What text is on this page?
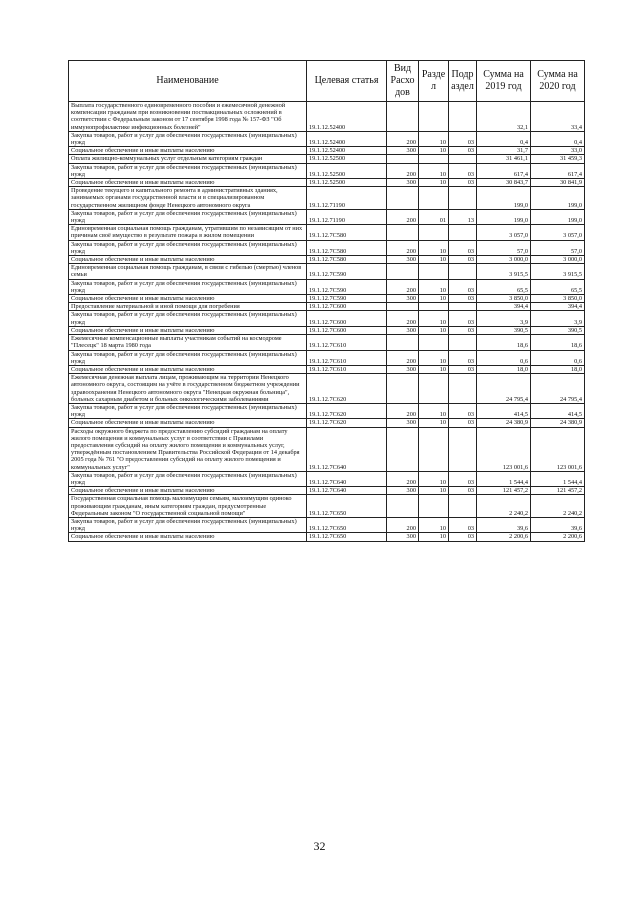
Наименование	Целевая статья	Вид Расхо дов	Разде л	Подр аздел	Сумма на 2019 год	Сумма на 2020 год
Выплата государственного единовременного пособия и ежемесячной денежной компенсации гражданам при возникновении поствакцинальных осложнений в соответствии с Федеральным законом от 17 сентября 1998 года № 157-ФЗ "Об иммунопрофилактике инфекционных болезней"	19.1.12.52400				32,1	33,4
Закупка товаров, работ и услуг для обеспечения государственных (муниципальных) нужд	19.1.12.52400	200	10	03	0,4	0,4
Социальное обеспечение и иные выплаты населению	19.1.12.52400	300	10	03	31,7	33,0
Оплата жилищно-коммунальных услуг отдельным категориям граждан	19.1.12.52500				31 461,1	31 459,3
Закупка товаров, работ и услуг для обеспечения государственных (муниципальных) нужд	19.1.12.52500	200	10	03	617,4	617,4
Социальное обеспечение и иные выплаты населению	19.1.12.52500	300	10	03	30 843,7	30 841,9
Проведение текущего и капитального ремонта в административных зданиях, занимаемых органами государственной власти и в специализированном государственном жилищном фонде Ненецкого автономного округа	19.1.12.71190				199,0	199,0
Закупка товаров, работ и услуг для обеспечения государственных (муниципальных) нужд	19.1.12.71190	200	01	13	199,0	199,0
Единовременная социальная помощь гражданам, утратившим по независящим от них причинам своё имущество в результате пожара в жилом помещении	19.1.12.7С580				3 057,0	3 057,0
Закупка товаров, работ и услуг для обеспечения государственных (муниципальных) нужд	19.1.12.7С580	200	10	03	57,0	57,0
Социальное обеспечение и иные выплаты населению	19.1.12.7С580	300	10	03	3 000,0	3 000,0
Единовременная социальная помощь гражданам, в связи с гибелью (смертью) членов семьи	19.1.12.7С590				3 915,5	3 915,5
Закупка товаров, работ и услуг для обеспечения государственных (муниципальных) нужд	19.1.12.7С590	200	10	03	65,5	65,5
Социальное обеспечение и иные выплаты населению	19.1.12.7С590	300	10	03	3 850,0	3 850,0
Предоставление материальной и иной помощи для погребения	19.1.12.7С600				394,4	394,4
Закупка товаров, работ и услуг для обеспечения государственных (муниципальных) нужд	19.1.12.7С600	200	10	03	3,9	3,9
Социальное обеспечение и иные выплаты населению	19.1.12.7С600	300	10	03	390,5	390,5
Ежемесячные компенсационные выплаты участникам событий на космодроме "Плесецк" 18 марта 1980 года	19.1.12.7С610				18,6	18,6
Закупка товаров, работ и услуг для обеспечения государственных (муниципальных) нужд	19.1.12.7С610	200	10	03	0,6	0,6
Социальное обеспечение и иные выплаты населению	19.1.12.7С610	300	10	03	18,0	18,0
Ежемесячная денежная выплата лицам, проживающим на территории Ненецкого автономного округа, состоящим на учёте в государственном бюджетном учреждении здравоохранения Ненецкого автономного округа "Ненецкая окружная больница", больных сахарным диабетом и больных онкологическими заболеваниями	19.1.12.7С620				24 795,4	24 795,4
Закупка товаров, работ и услуг для обеспечения государственных (муниципальных) нужд	19.1.12.7С620	200	10	03	414,5	414,5
Социальное обеспечение и иные выплаты населению	19.1.12.7С620	300	10	03	24 380,9	24 380,9
Расходы окружного бюджета по предоставлению субсидий гражданам на оплату жилого помещения и коммунальных услуг в соответствии с Правилами предоставления субсидий на оплату жилого помещения и коммунальных услуг, утверждённым постановлением Правительства Российской Федерации от 14 декабря 2005 года № 761 "О предоставлении субсидий на оплату жилого помещения и коммунальных услуг"	19.1.12.7С640				123 001,6	123 001,6
Закупка товаров, работ и услуг для обеспечения государственных (муниципальных) нужд	19.1.12.7С640	200	10	03	1 544,4	1 544,4
Социальное обеспечение и иные выплаты населению	19.1.12.7С640	300	10	03	121 457,2	121 457,2
Государственная социальная помощь малоимущим семьям, малоимущим одиноко проживающим гражданам, иным категориям граждан, предусмотренные Федеральным законом "О государственной социальной помощи"	19.1.12.7С650				2 240,2	2 240,2
Закупка товаров, работ и услуг для обеспечения государственных (муниципальных) нужд	19.1.12.7С650	200	10	03	39,6	39,6
Социальное обеспечение и иные выплаты населению	19.1.12.7С650	300	10	03	2 200,6	2 200,6
32
